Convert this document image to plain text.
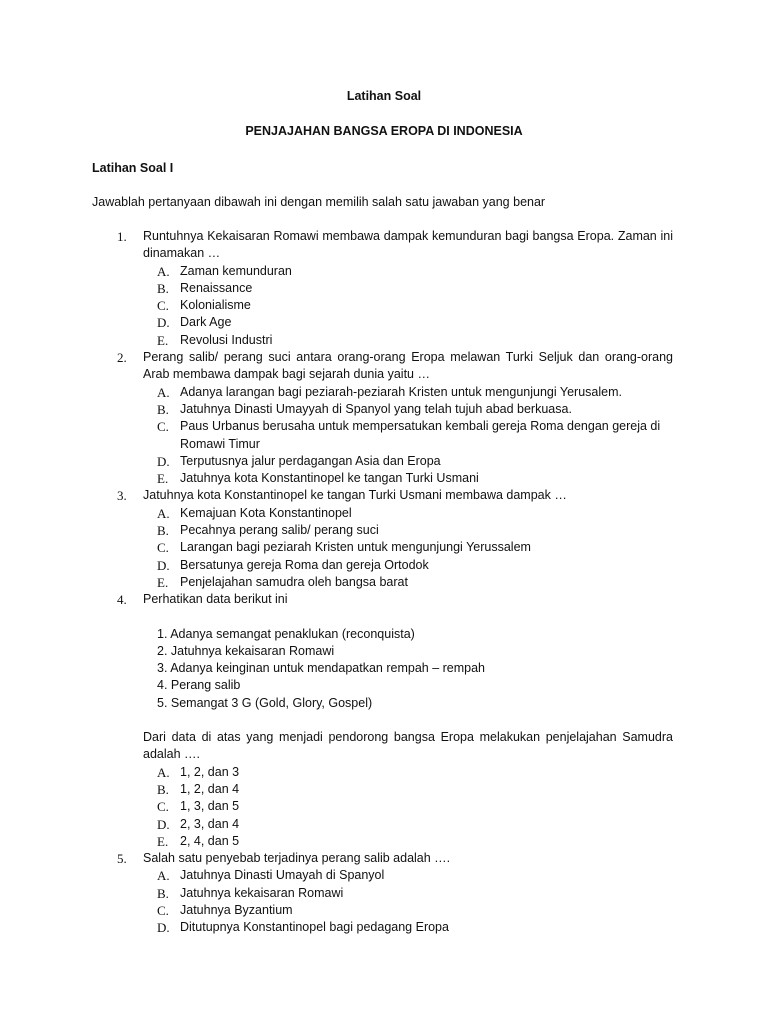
Latihan Soal
PENJAJAHAN BANGSA EROPA DI INDONESIA
Latihan Soal I
Jawablah pertanyaan dibawah ini dengan memilih salah satu jawaban yang benar
1. Runtuhnya Kekaisaran Romawi membawa dampak kemunduran bagi bangsa Eropa. Zaman ini dinamakan …
A. Zaman kemunduran
B. Renaissance
C. Kolonialisme
D. Dark Age
E. Revolusi Industri
2. Perang salib/ perang suci antara orang-orang Eropa melawan Turki Seljuk dan orang-orang Arab membawa dampak bagi sejarah dunia yaitu …
A. Adanya larangan bagi peziarah-peziarah Kristen untuk mengunjungi Yerusalem.
B. Jatuhnya Dinasti Umayyah di Spanyol yang telah tujuh abad berkuasa.
C. Paus Urbanus berusaha untuk mempersatukan kembali gereja Roma dengan gereja di Romawi Timur
D. Terputusnya jalur perdagangan Asia dan Eropa
E. Jatuhnya kota Konstantinopel ke tangan Turki Usmani
3. Jatuhnya kota Konstantinopel ke tangan Turki Usmani membawa dampak …
A. Kemajuan Kota Konstantinopel
B. Pecahnya perang salib/ perang suci
C. Larangan bagi peziarah Kristen untuk mengunjungi Yerussalem
D. Bersatunya gereja Roma dan gereja Ortodok
E. Penjelajahan samudra oleh bangsa barat
4. Perhatikan data berikut ini
1. Adanya semangat penaklukan (reconquista)
2. Jatuhnya kekaisaran Romawi
3. Adanya keinginan untuk mendapatkan rempah – rempah
4. Perang salib
5. Semangat 3 G (Gold, Glory, Gospel)
Dari data di atas yang menjadi pendorong bangsa Eropa melakukan penjelajahan Samudra adalah ….
A. 1, 2, dan 3
B. 1, 2, dan 4
C. 1, 3, dan 5
D. 2, 3, dan 4
E. 2, 4, dan 5
5. Salah satu penyebab terjadinya perang salib adalah ….
A. Jatuhnya Dinasti Umayah di Spanyol
B. Jatuhnya kekaisaran Romawi
C. Jatuhnya Byzantium
D. Ditutupnya Konstantinopel bagi pedagang Eropa
